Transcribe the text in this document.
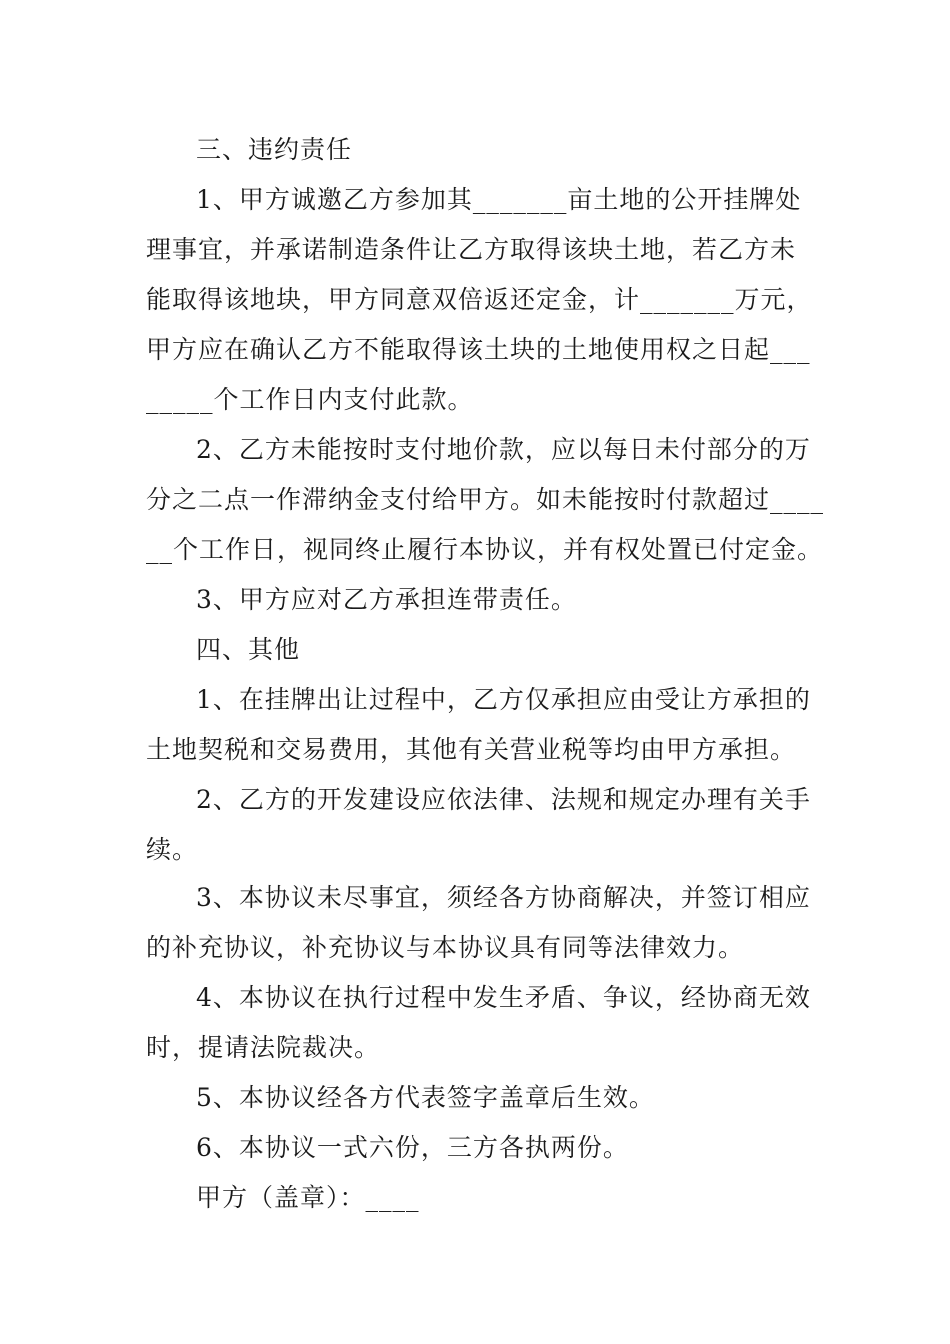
三、违约责任
1、甲方诚邀乙方参加其_______亩土地的公开挂牌处
理事宜，并承诺制造条件让乙方取得该块土地，若乙方未
能取得该地块，甲方同意双倍返还定金，计_______万元，
甲方应在确认乙方不能取得该土块的土地使用权之日起___
_____个工作日内支付此款。
2、乙方未能按时支付地价款，应以每日未付部分的万
分之二点一作滞纳金支付给甲方。如未能按时付款超过____
__个工作日，视同终止履行本协议，并有权处置已付定金。
3、甲方应对乙方承担连带责任。
四、其他
1、在挂牌出让过程中，乙方仅承担应由受让方承担的
土地契税和交易费用，其他有关营业税等均由甲方承担。
2、乙方的开发建设应依法律、法规和规定办理有关手
续。
3、本协议未尽事宜，须经各方协商解决，并签订相应
的补充协议，补充协议与本协议具有同等法律效力。
4、本协议在执行过程中发生矛盾、争议，经协商无效
时，提请法院裁决。
5、本协议经各方代表签字盖章后生效。
6、本协议一式六份，三方各执两份。
甲方（盖章）：____
